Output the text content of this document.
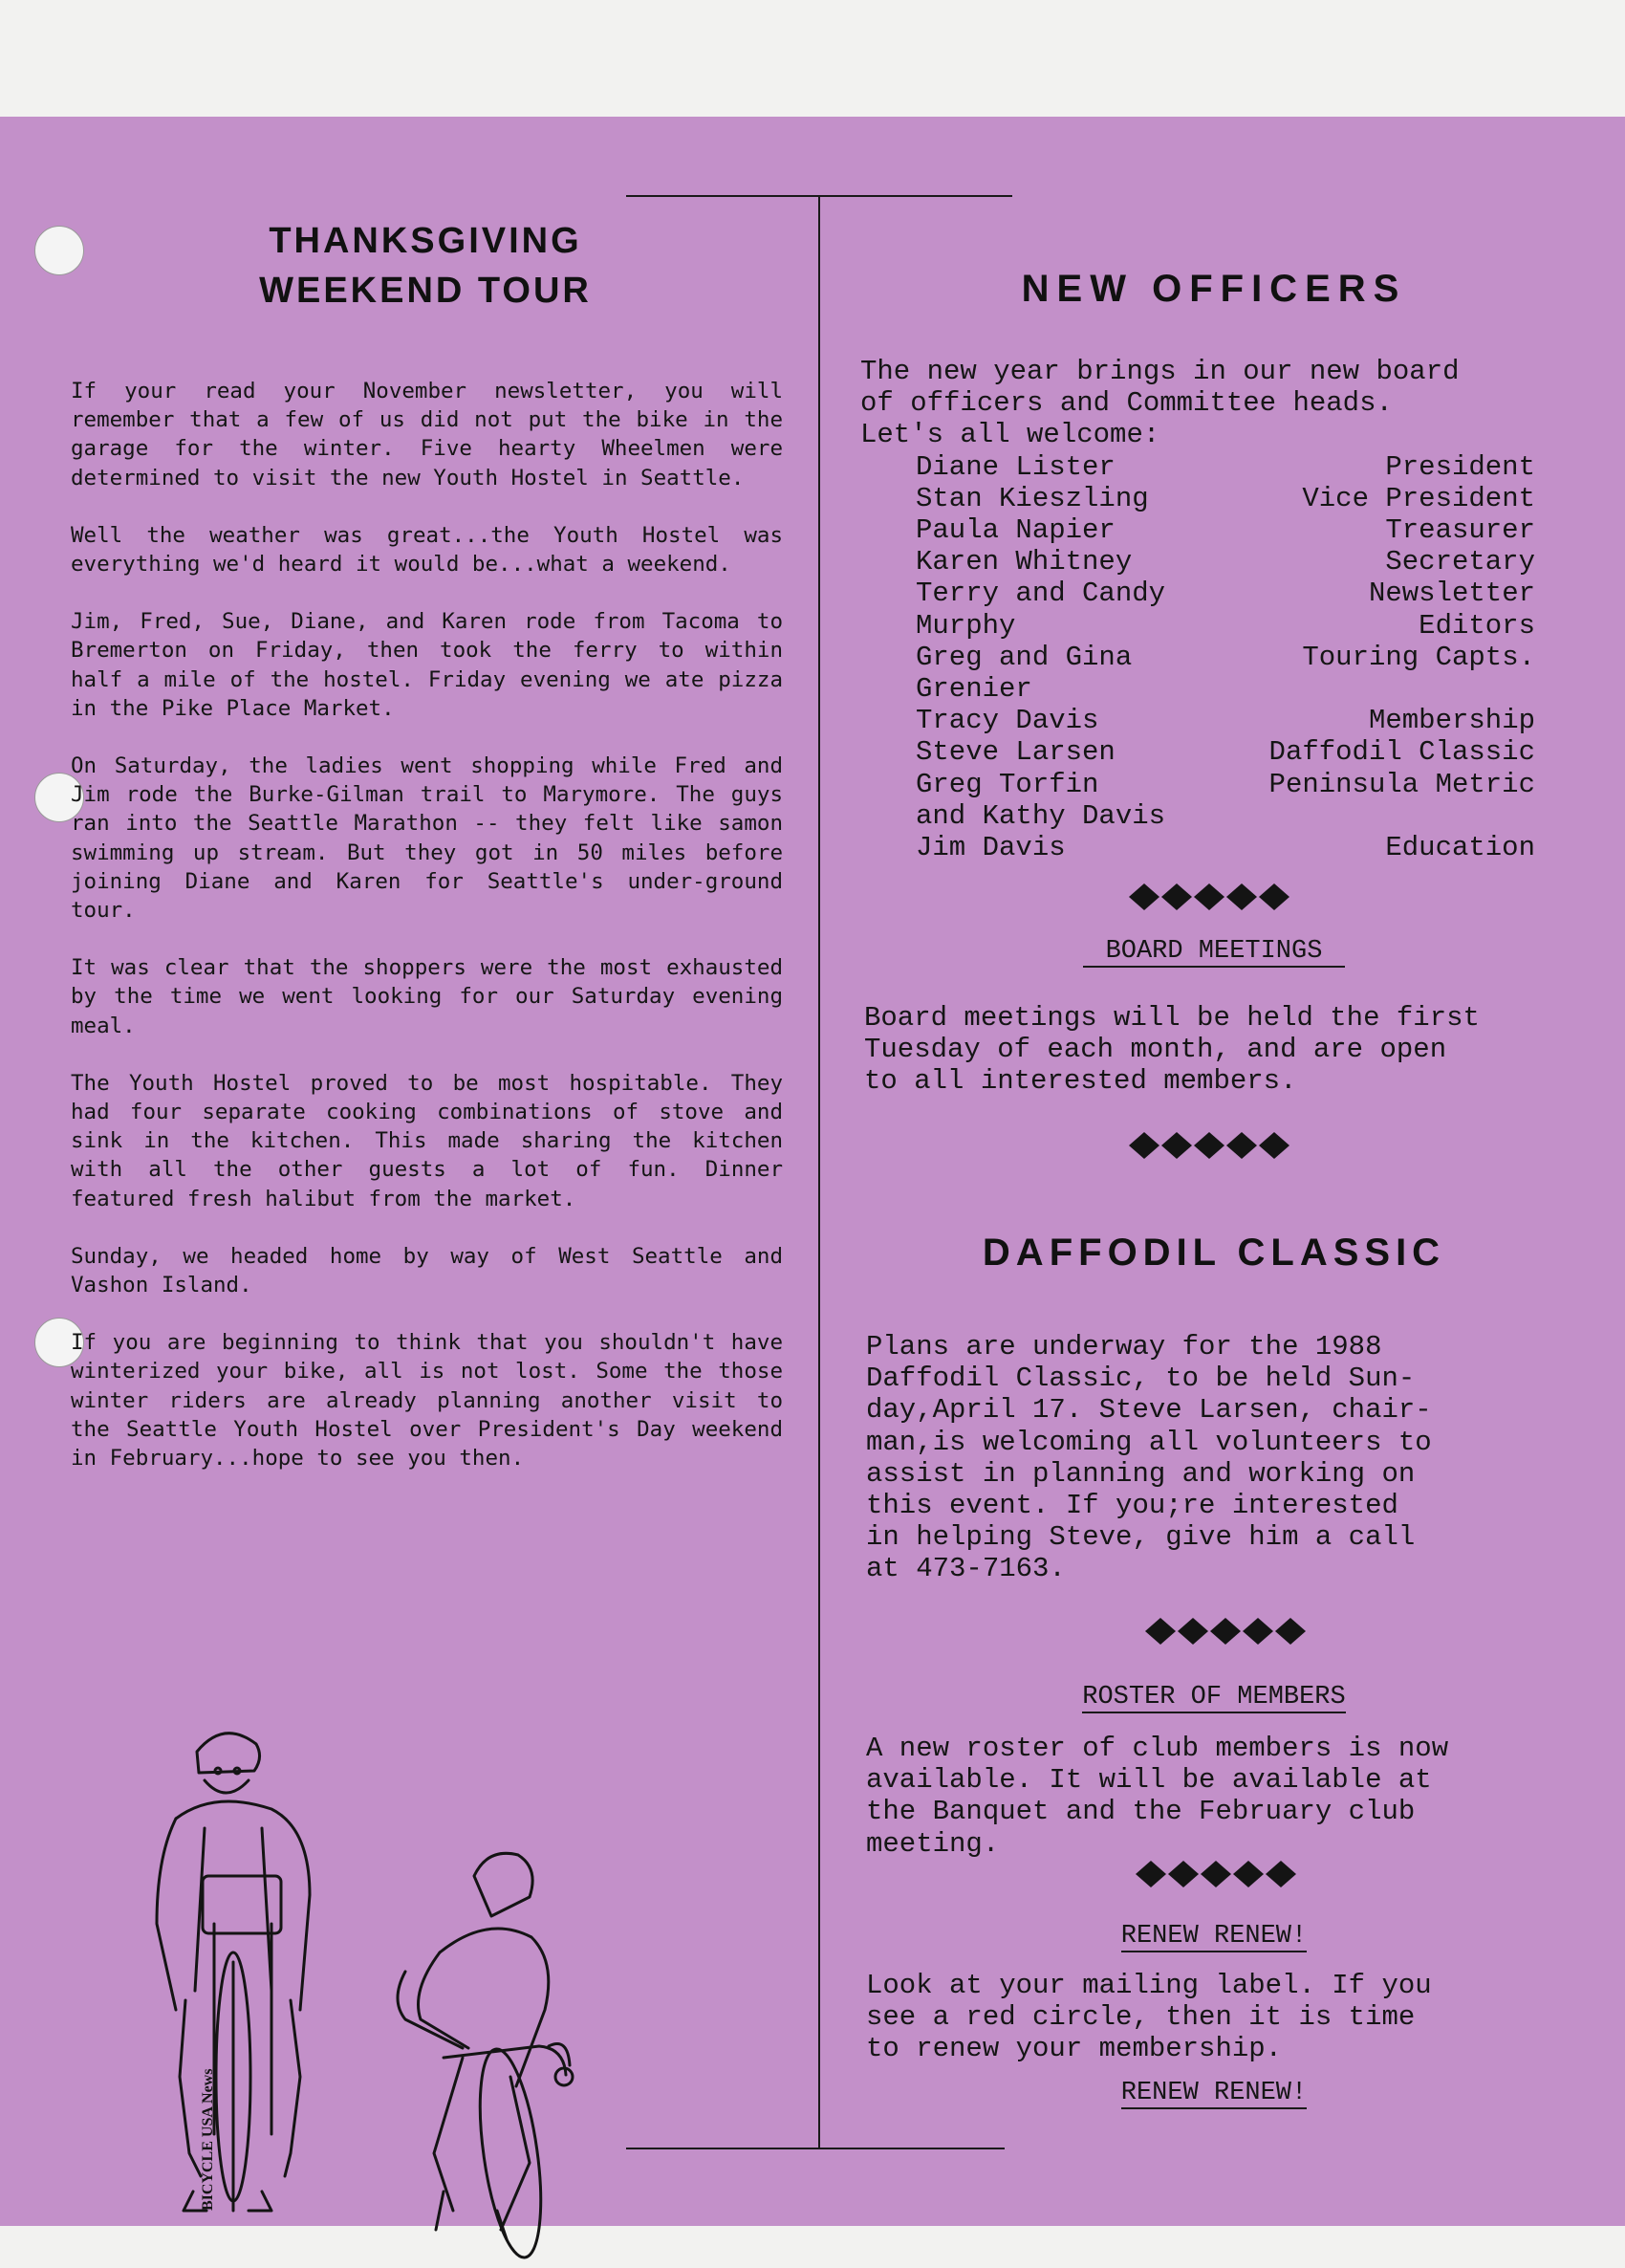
THANKSGIVING
WEEKEND TOUR

If your read your November newsletter, you will remember that a few of us did not put the bike in the garage for the winter. Five hearty Wheelmen were determined to visit the new Youth Hostel in Seattle.

Well the weather was great...the Youth Hostel was everything we'd heard it would be...what a weekend.

Jim, Fred, Sue, Diane, and Karen rode from Tacoma to Bremerton on Friday, then took the ferry to within half a mile of the hostel. Friday evening we ate pizza in the Pike Place Market.

On Saturday, the ladies went shopping while Fred and Jim rode the Burke-Gilman trail to Marymore. The guys ran into the Seattle Marathon -- they felt like samon swimming up stream. But they got in 50 miles before joining Diane and Karen for Seattle's under-ground tour.

It was clear that the shoppers were the most exhausted by the time we went looking for our Saturday evening meal.

The Youth Hostel proved to be most hospitable. They had four separate cooking combinations of stove and sink in the kitchen. This made sharing the kitchen with all the other guests a lot of fun. Dinner featured fresh halibut from the market.

Sunday, we headed home by way of West Seattle and Vashon Island.

If you are beginning to think that you shouldn't have winterized your bike, all is not lost. Some the those winter riders are already planning another visit to the Seattle Youth Hostel over President's Day weekend in February...hope to see you then.

BICYCLE USA News
NEW OFFICERS

The new year brings in our new board

of officers and Committee heads.

Let's all welcome:

Diane Lister	President
Stan Kieszling	Vice President
Paula Napier	Treasurer
Karen Whitney	Secretary
Terry and Candy	Newsletter
Murphy	Editors
Greg and Gina	Touring Capts.
Grenier
Tracy Davis	Membership
Steve Larsen	Daffodil Classic
Greg Torfin	Peninsula Metric
and Kathy Davis
Jim Davis	Education
BOARD MEETINGS

Board meetings will be held the first

Tuesday of each month, and are open

to all interested members.

DAFFODIL CLASSIC

Plans are underway for the 1988

Daffodil Classic, to be held Sun-

day,April 17. Steve Larsen, chair-

man,is welcoming all volunteers to

assist in planning and working on

this event. If you;re interested

in helping Steve, give him a call

at 473-7163.

ROSTER OF MEMBERS

A new roster of club members is now

available. It will be available at

the Banquet and the February club

meeting.

RENEW RENEW!

Look at your mailing label. If you

see a red circle, then it is time

to renew your membership.

RENEW RENEW!
